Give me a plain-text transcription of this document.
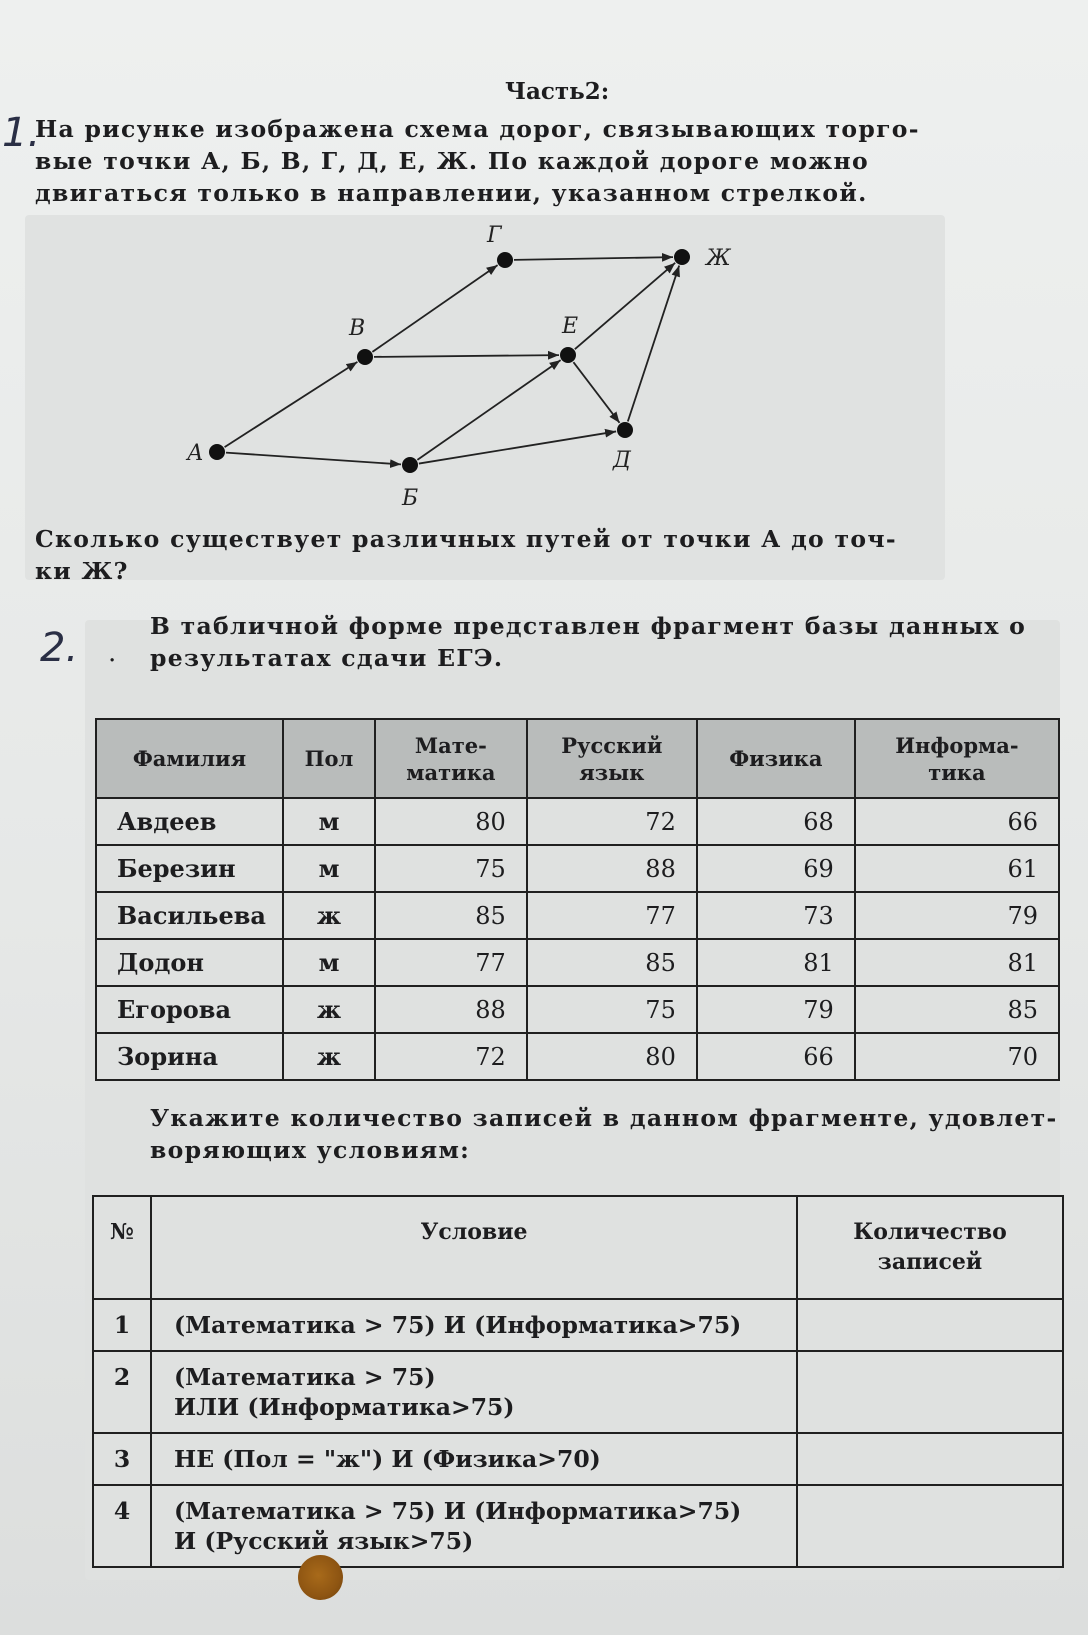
Часть2:
1.
2. .
На рисунке изображена схема дорог, связывающих торго-
вые точки А, Б, В, Г, Д, Е, Ж. По каждой дороге можно
двигаться только в направлении, указанном стрелкой.
А
Б
В
Г
Д
Е
Ж
Сколько существует различных путей от точки А до точ-
ки Ж?
В табличной форме представлен фрагмент базы данных о
результатах сдачи ЕГЭ.
Фамилия	Пол	Мате-
матика	Русский
язык	Физика	Информа-
тика
Авдеев	м	80	72	68	66
Березин	м	75	88	69	61
Васильева	ж	85	77	73	79
Додон	м	77	85	81	81
Егорова	ж	88	75	79	85
Зорина	ж	72	80	66	70
Укажите количество записей в данном фрагменте, удовлет-
воряющих условиям:
№	Условие	Количество
записей
1	(Математика > 75) И (Информатика>75)	

2	(Математика > 75)
ИЛИ (Информатика>75)	

3	НЕ (Пол = "ж") И (Физика>70)	

4	(Математика > 75) И (Информатика>75)
И (Русский язык>75)	
